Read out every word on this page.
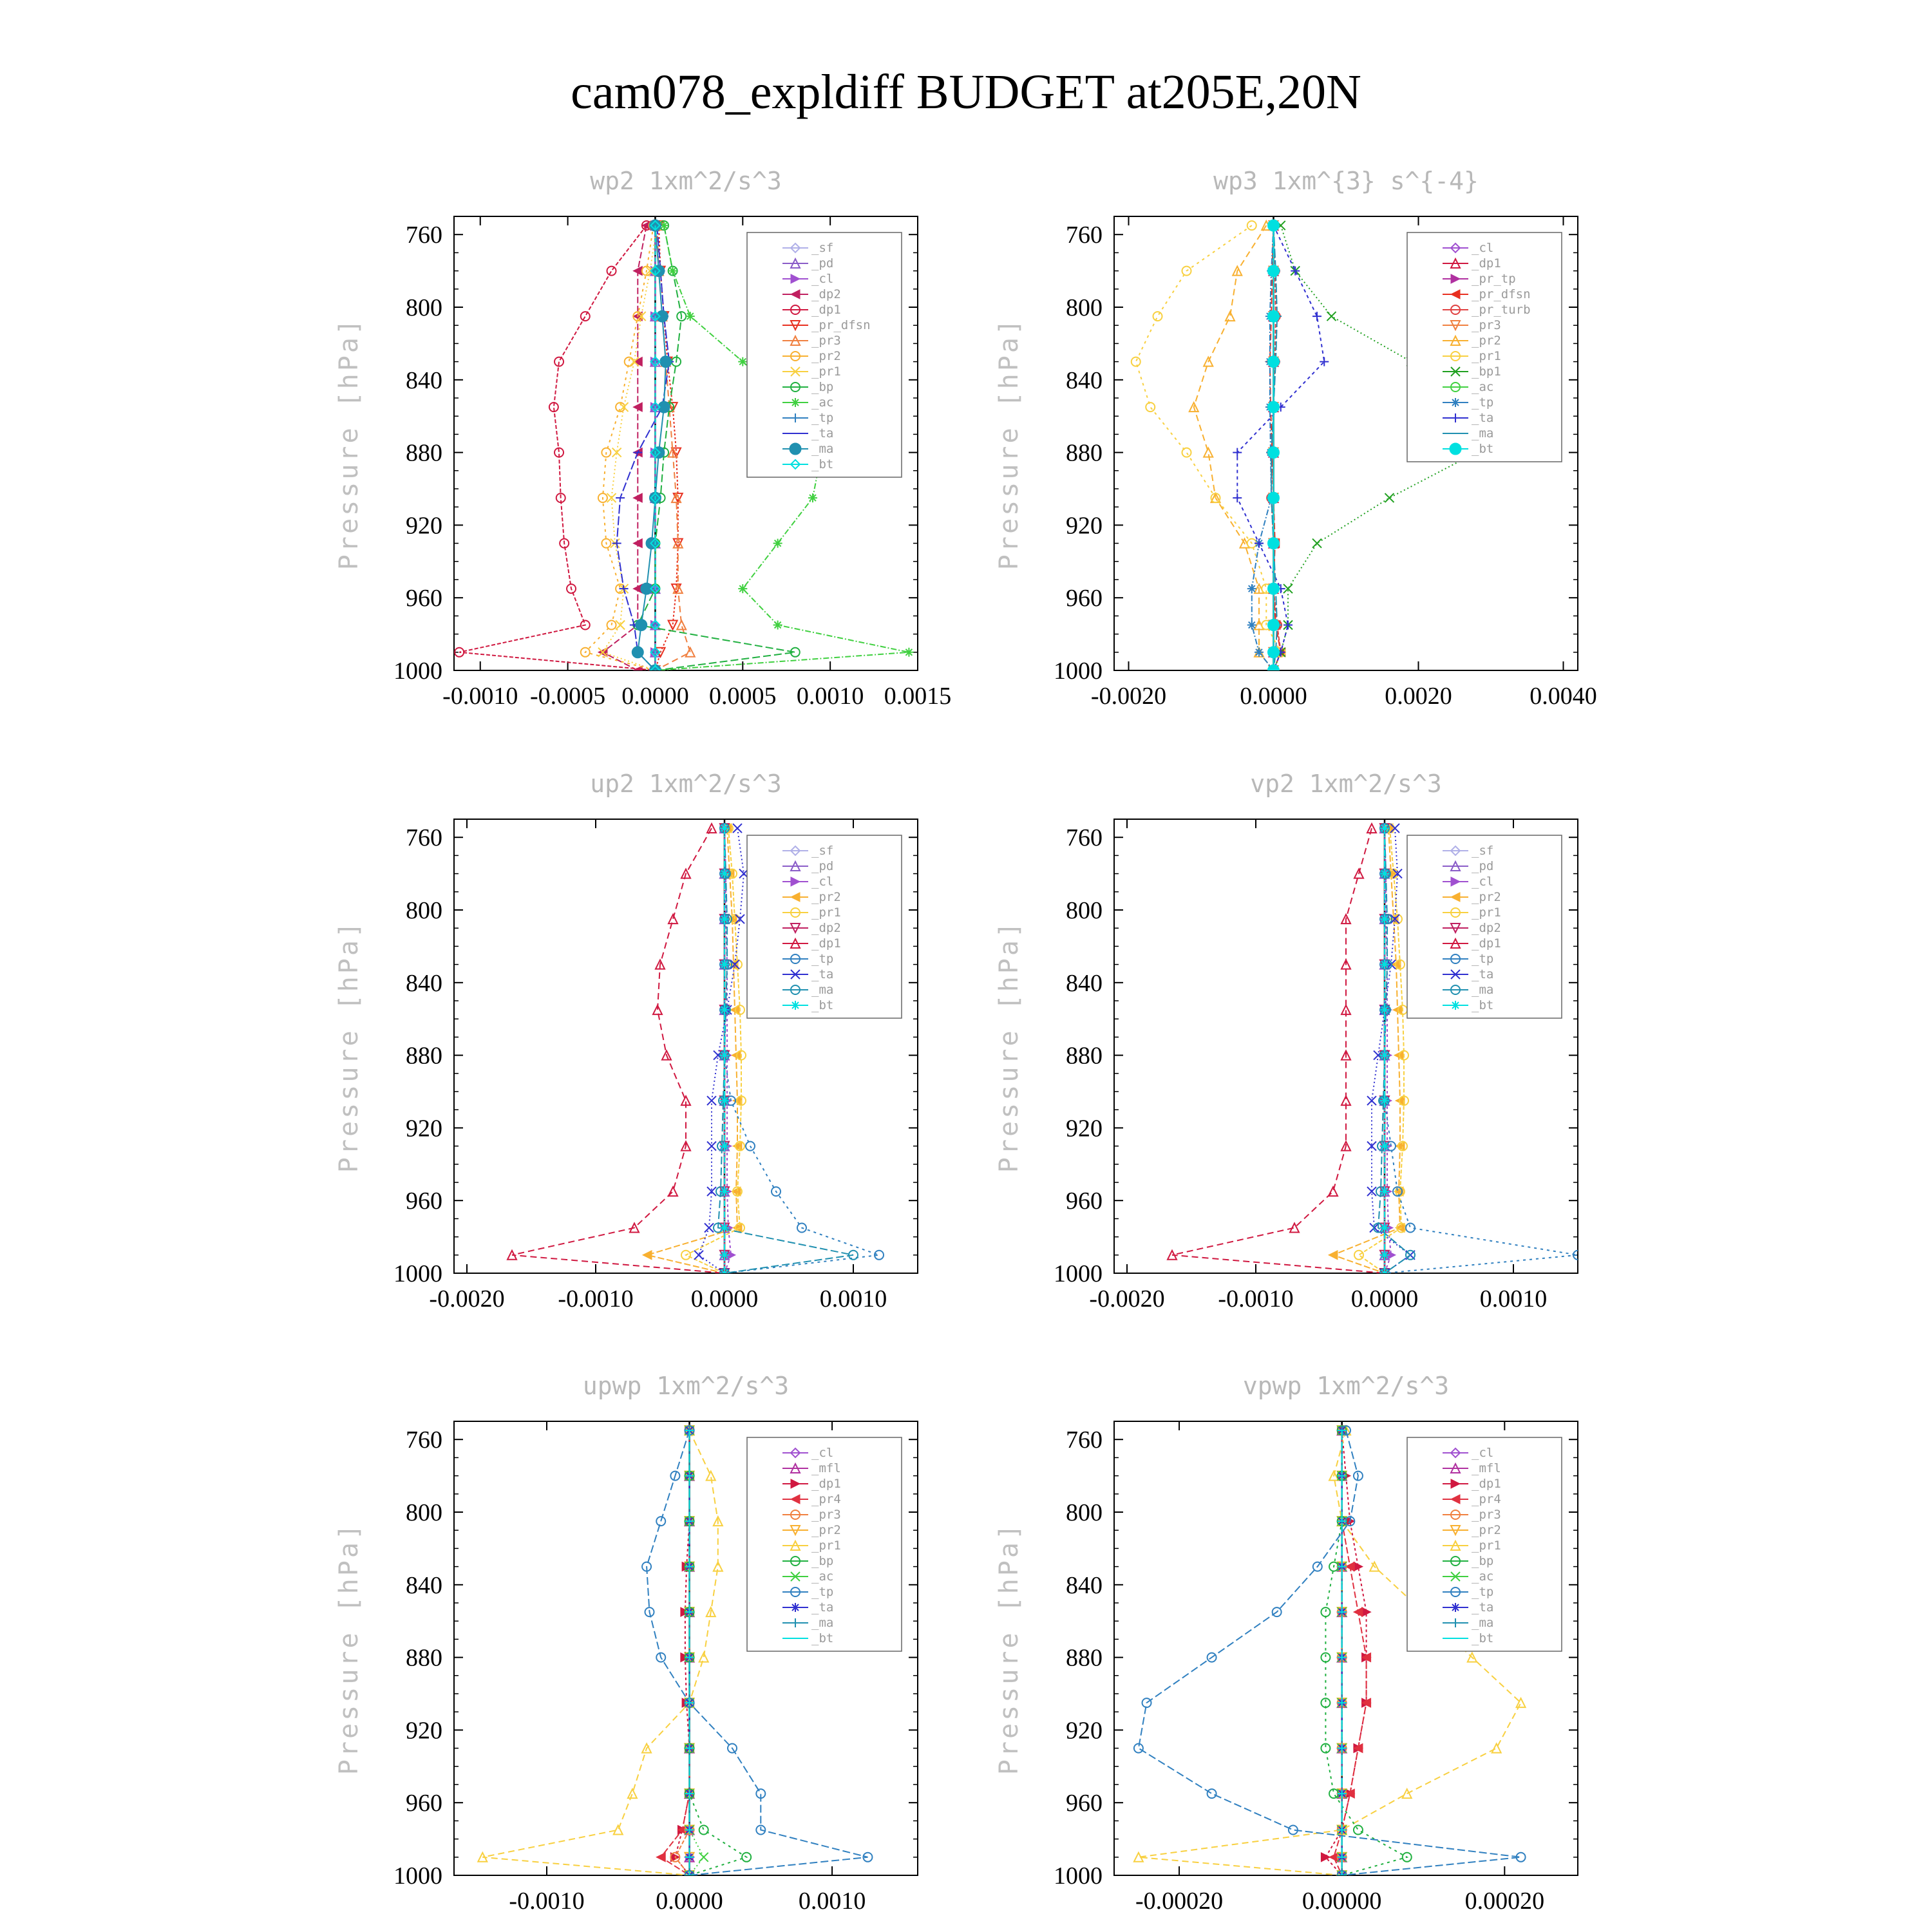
cam078_expldiff BUDGET at205E,20N
wp2 1xm^2/s^3
Pressure [hPa]
760
800
840
880
920
960
1000
-0.0010 -0.0005 0.0000 0.0005 0.0010 0.0015
_sf
_pd
_cl
_dp2
_dp1
_pr_dfsn
_pr3
_pr2
_pr1
_bp
_ac
_tp
_ta
_ma
_bt
wp3 1xm^{3} s^{-4}
Pressure [hPa]
760
800
840
880
920
960
1000
-0.0020	0.0000	0.0020	0.0040
_cl
_dp1
_pr_tp
_pr_dfsn
_pr_turb
_pr3
_pr2
_pr1
_bp1
_ac
_tp
_ta
_ma
_bt
up2 1xm^2/s^3
Pressure [hPa]
760
800
840
880
920
960
1000
-0.0020 -0.0010 0.0000	0.0010
_sf
_pd
_cl
_pr2
_pr1
_dp2
_dp1
_tp
_ta
_ma
_bt
vp2 1xm^2/s^3
Pressure [hPa]
760
800
840
880
920
960
1000
-0.0020 -0.0010 0.0000	0.0010
_sf
_pd
_cl
_pr2
_pr1
_dp2
_dp1
_tp
_ta
_ma
_bt
upwp 1xm^2/s^3
Pressure [hPa]
760
800
840
880
920
960
1000
-0.0010	0.0000	0.0010
_cl
_mfl
_dp1
_pr4
_pr3
_pr2
_pr1
_bp
_ac
_tp
_ta
_ma
_bt
vpwp 1xm^2/s^3
Pressure [hPa]
760
800
840
880
920
960
1000
-0.00020	0.00000	0.00020
_cl
_mfl
_dp1
_pr4
_pr3
_pr2
_pr1
_bp
_ac
_tp
_ta
_ma
_bt
